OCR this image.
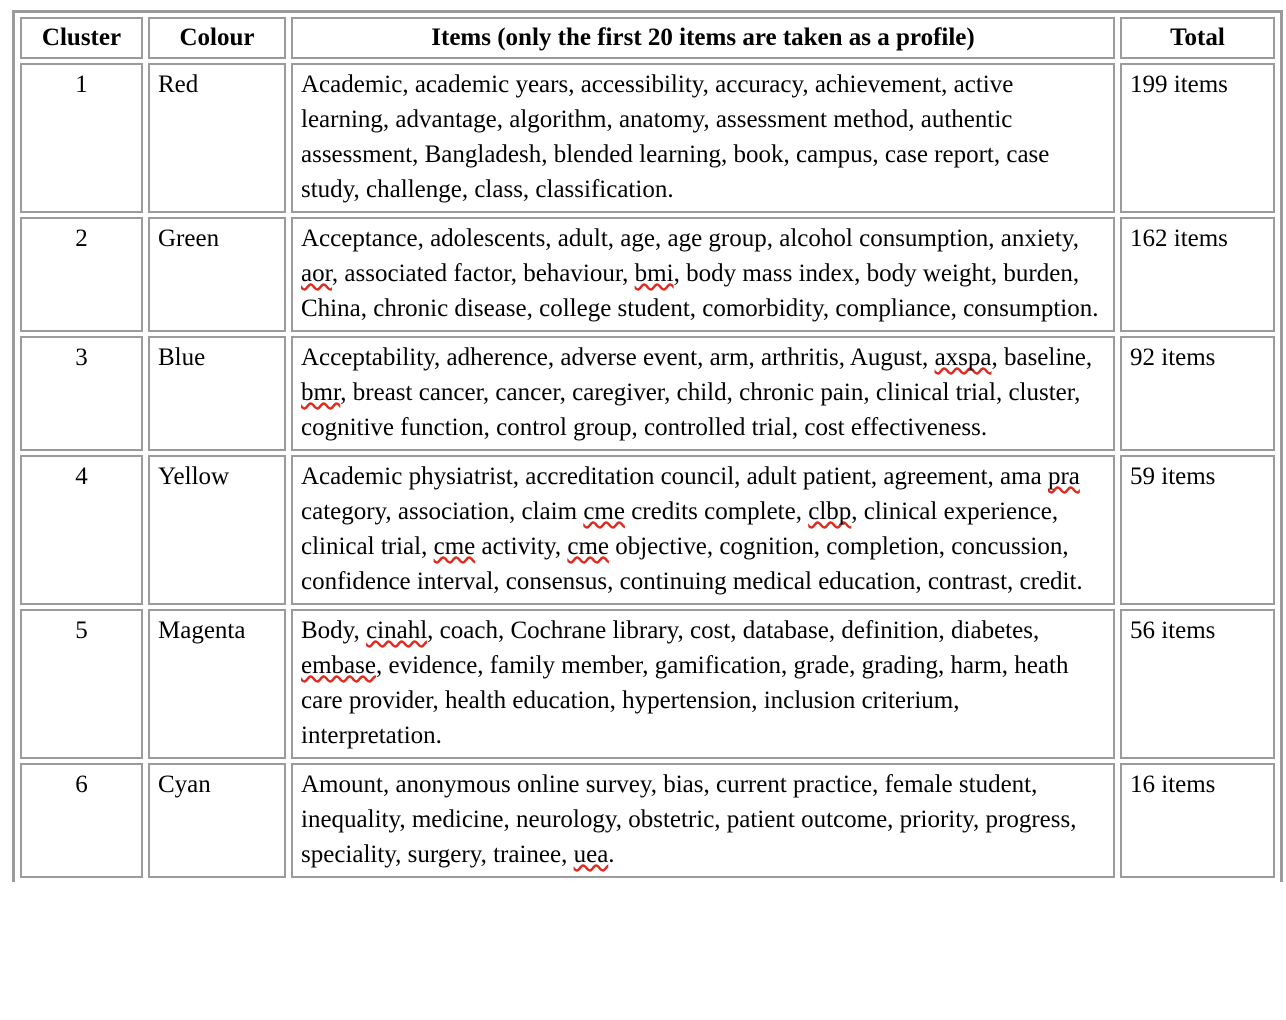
Cluster	Colour	Items (only the first 20 items are taken as a profile)	Total
1	Red	Academic, academic years, accessibility, accuracy, achievement, active learning, advantage, algorithm, anatomy, assessment method, authentic assessment, Bangladesh, blended learning, book, campus, case report, case study, challenge, class, classification.	199 items
2	Green	Acceptance, adolescents, adult, age, age group, alcohol consumption, anxiety, aor, associated factor, behaviour, bmi, body mass index, body weight, burden, China, chronic disease, college student, comorbidity, compliance, consumption.	162 items
3	Blue	Acceptability, adherence, adverse event, arm, arthritis, August, axspa, baseline, bmr, breast cancer, cancer, caregiver, child, chronic pain, clinical trial, cluster, cognitive function, control group, controlled trial, cost effectiveness.	92 items
4	Yellow	Academic physiatrist, accreditation council, adult patient, agreement, ama pra category, association, claim cme credits complete, clbp, clinical experience, clinical trial, cme activity, cme objective, cognition, completion, concussion, confidence interval, consensus, continuing medical education, contrast, credit.	59 items
5	Magenta	Body, cinahl, coach, Cochrane library, cost, database, definition, diabetes, embase, evidence, family member, gamification, grade, grading, harm, heath care provider, health education, hypertension, inclusion criterium, interpretation.	56 items
6	Cyan	Amount, anonymous online survey, bias, current practice, female student, inequality, medicine, neurology, obstetric, patient outcome, priority, progress, speciality, surgery, trainee, uea.	16 items
